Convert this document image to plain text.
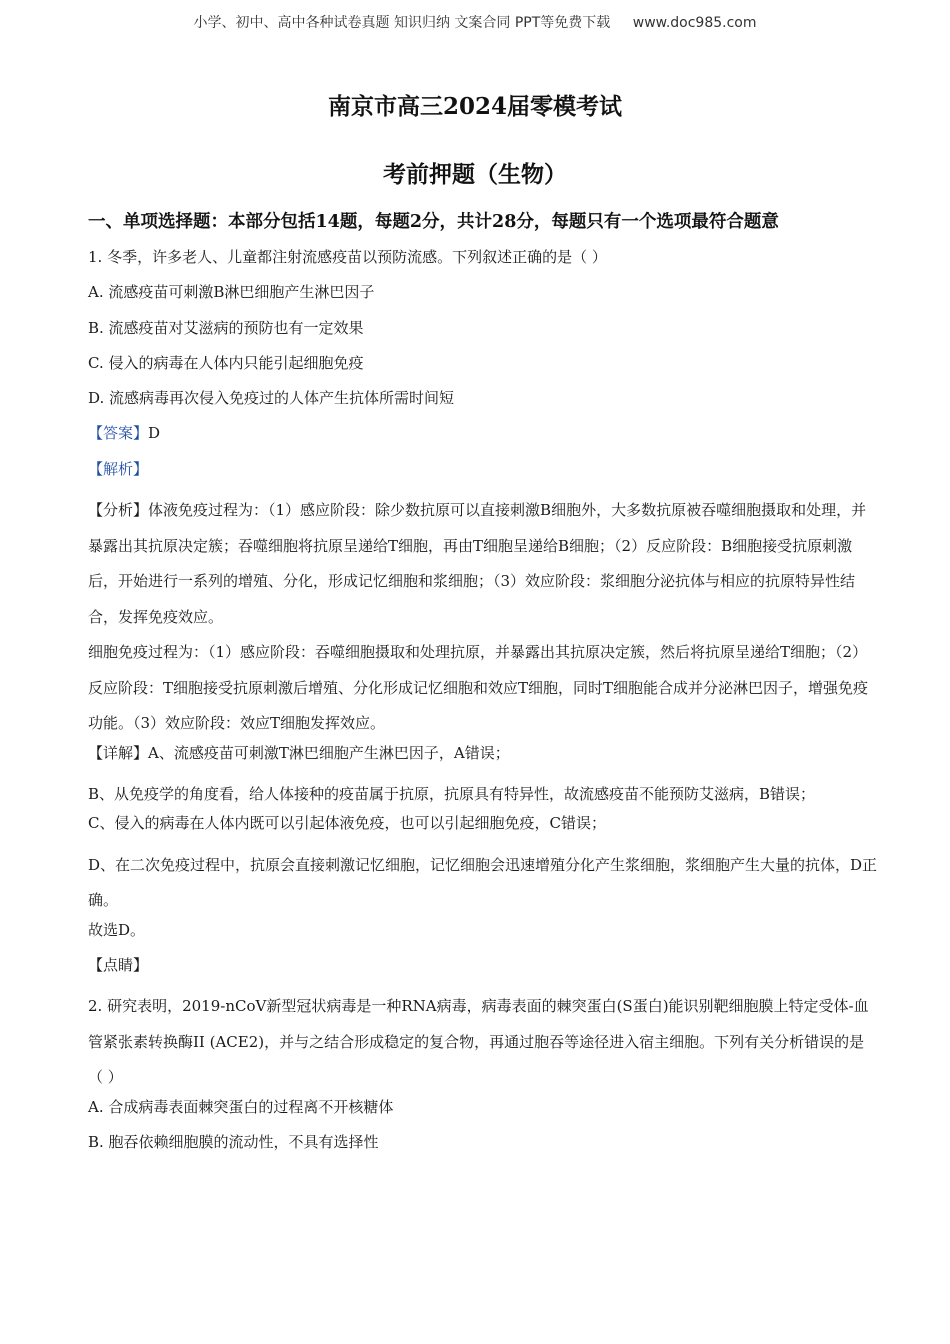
小学、初中、高中各种试卷真题 知识归纳 文案合同 PPT等免费下载 www.doc985.com
南京市高三2024届零模考试
考前押题（生物）
一、单项选择题：本部分包括14题，每题2分，共计28分，每题只有一个选项最符合题意

1. 冬季，许多老人、儿童都注射流感疫苗以预防流感。下列叙述正确的是（ ）

A. 流感疫苗可刺激B淋巴细胞产生淋巴因子

B. 流感疫苗对艾滋病的预防也有一定效果

C. 侵入的病毒在人体内只能引起细胞免疫

D. 流感病毒再次侵入免疫过的人体产生抗体所需时间短

【答案】D

【解析】

【分析】体液免疫过程为：（1）感应阶段：除少数抗原可以直接刺激B细胞外，大多数抗原被吞噬细胞摄取和处理，并暴露出其抗原决定簇；吞噬细胞将抗原呈递给T细胞，再由T细胞呈递给B细胞；（2）反应阶段：B细胞接受抗原刺激后，开始进行一系列的增殖、分化，形成记忆细胞和浆细胞；（3）效应阶段：浆细胞分泌抗体与相应的抗原特异性结合，发挥免疫效应。

细胞免疫过程为：（1）感应阶段：吞噬细胞摄取和处理抗原，并暴露出其抗原决定簇，然后将抗原呈递给T细胞；（2）反应阶段：T细胞接受抗原刺激后增殖、分化形成记忆细胞和效应T细胞，同时T细胞能合成并分泌淋巴因子，增强免疫功能。（3）效应阶段：效应T细胞发挥效应。

【详解】A、流感疫苗可刺激T淋巴细胞产生淋巴因子，A错误；

B、从免疫学的角度看，给人体接种的疫苗属于抗原，抗原具有特异性，故流感疫苗不能预防艾滋病，B错误；

C、侵入的病毒在人体内既可以引起体液免疫，也可以引起细胞免疫，C错误；

D、在二次免疫过程中，抗原会直接刺激记忆细胞，记忆细胞会迅速增殖分化产生浆细胞，浆细胞产生大量的抗体，D正确。

故选D。

【点睛】

2. 研究表明，2019-nCoV新型冠状病毒是一种RNA病毒，病毒表面的棘突蛋白(S蛋白)能识别靶细胞膜上特定受体-血 管紧张素转换酶II (ACE2)，并与之结合形成稳定的复合物，再通过胞吞等途径进入宿主细胞。下列有关分析错误的是（ ）

A. 合成病毒表面棘突蛋白的过程离不开核糖体

B. 胞吞依赖细胞膜的流动性，不具有选择性
